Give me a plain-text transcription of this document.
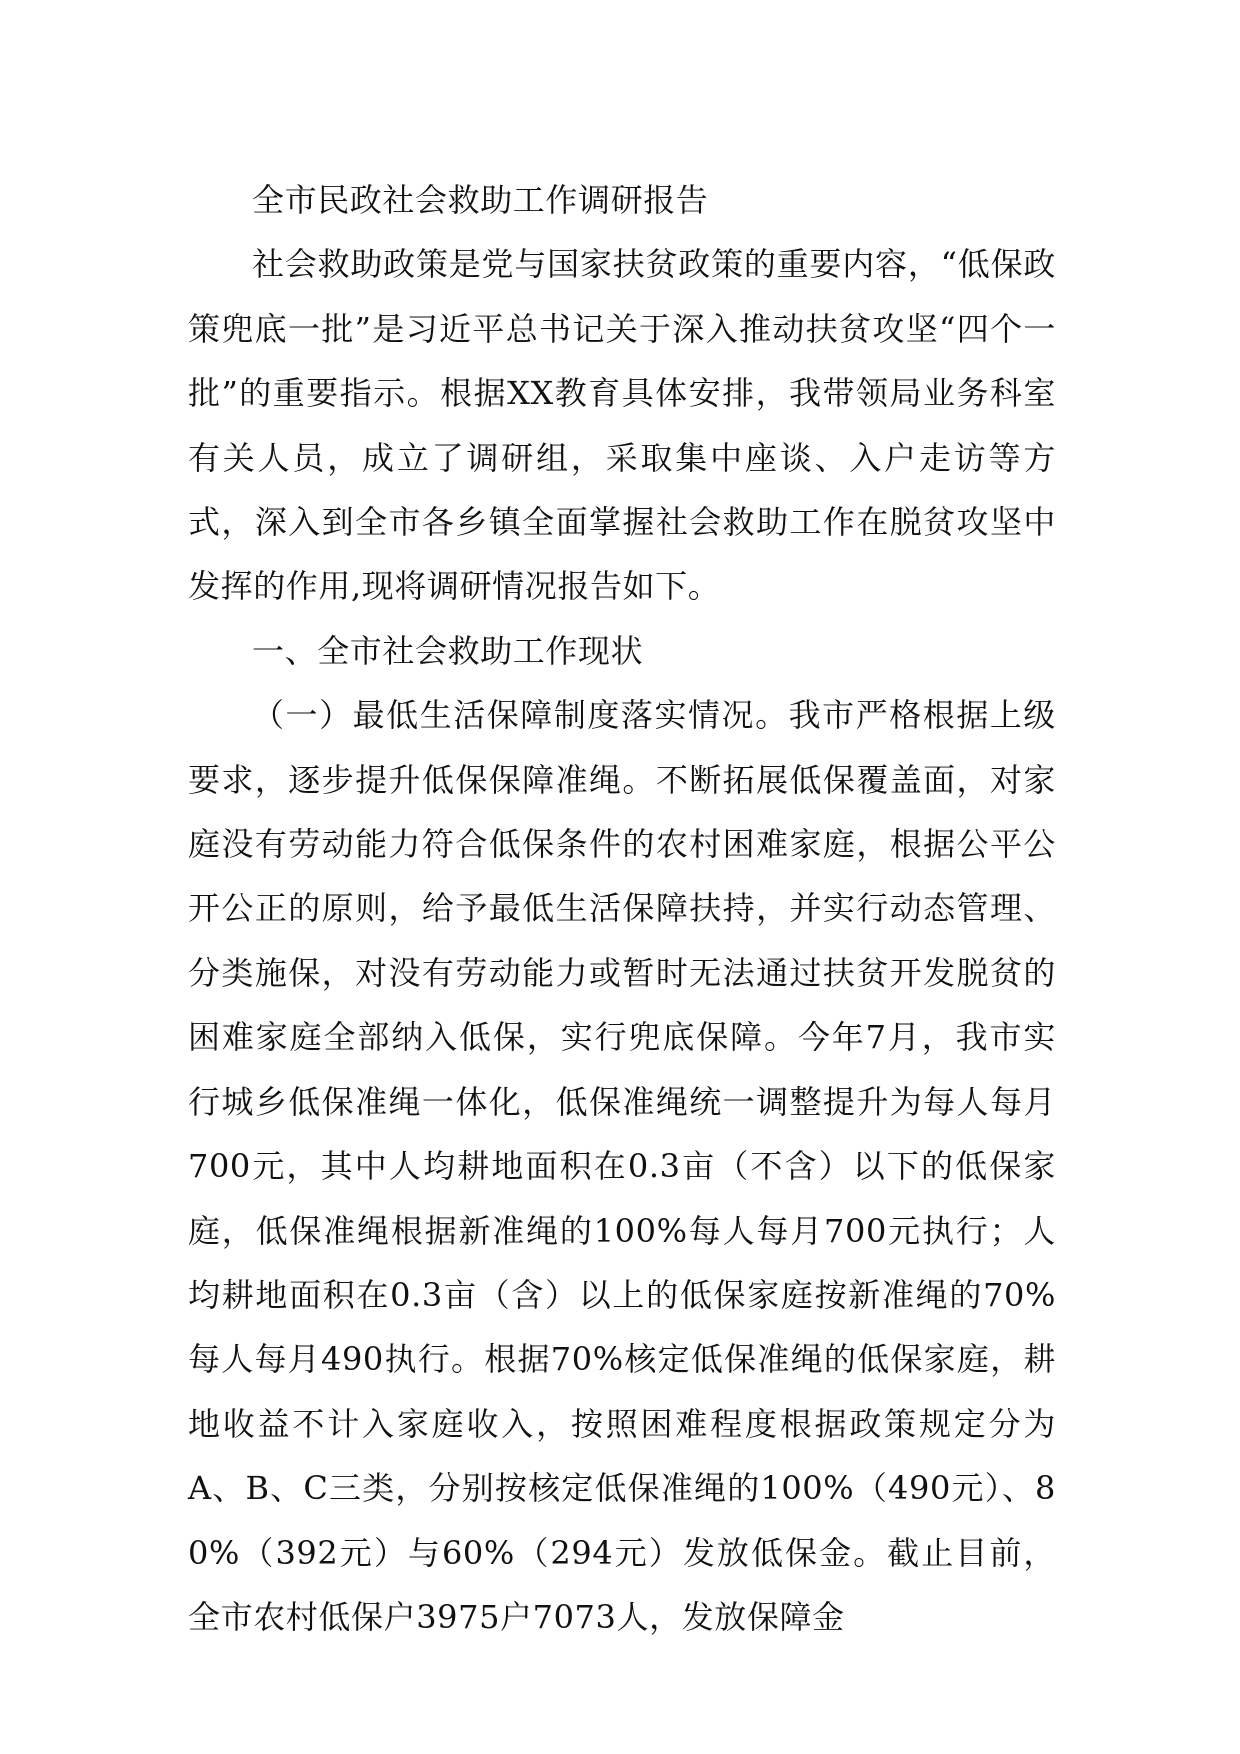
全市民政社会救助工作调研报告

社会救助政策是党与国家扶贫政策的重要内容，“低保政策兜底一批”是习近平总书记关于深入推动扶贫攻坚“四个一批”的重要指示。根据XX教育具体安排，我带领局业务科室有关人员，成立了调研组，采取集中座谈、入户走访等方式，深入到全市各乡镇全面掌握社会救助工作在脱贫攻坚中发挥的作用,现将调研情况报告如下。

一、全市社会救助工作现状

（一）最低生活保障制度落实情况。我市严格根据上级要求，逐步提升低保保障准绳。不断拓展低保覆盖面，对家庭没有劳动能力符合低保条件的农村困难家庭，根据公平公开公正的原则，给予最低生活保障扶持，并实行动态管理、分类施保，对没有劳动能力或暂时无法通过扶贫开发脱贫的困难家庭全部纳入低保，实行兜底保障。今年7月，我市实行城乡低保准绳一体化，低保准绳统一调整提升为每人每月700元，其中人均耕地面积在0.3亩（不含）以下的低保家庭，低保准绳根据新准绳的100%每人每月700元执行；人均耕地面积在0.3亩（含）以上的低保家庭按新准绳的70%每人每月490执行。根据70%核定低保准绳的低保家庭，耕地收益不计入家庭收入，按照困难程度根据政策规定分为A、B、C三类，分别按核定低保准绳的100%（490元）、80%（392元）与60%（294元）发放低保金。截止目前，全市农村低保户3975户7073人，发放保障金
